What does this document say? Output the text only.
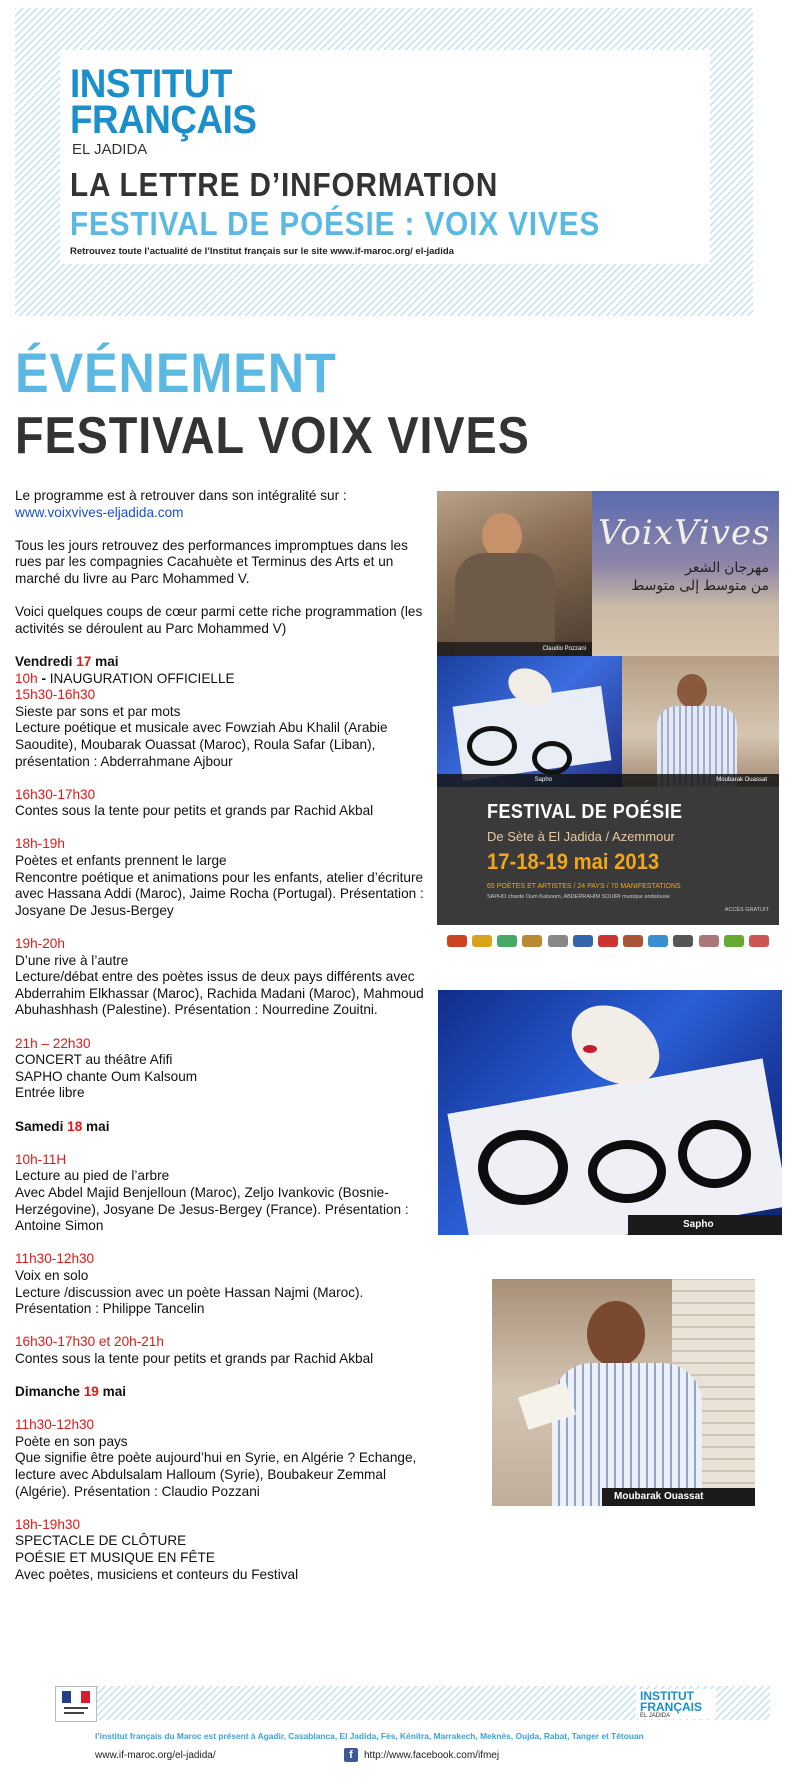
INSTITUT
FRANÇAIS
EL JADIDA
LA LETTRE D’INFORMATION
FESTIVAL DE POÉSIE : VOIX VIVES
Retrouvez toute l’actualité de l’Institut français sur le site www.if-maroc.org/ el-jadida
ÉVÉNEMENT
FESTIVAL VOIX VIVES

Le programme est à retrouver dans son intégralité sur :
www.voixvives-eljadida.com

Tous les jours retrouvez des performances impromptues dans les rues par les compagnies Cacahuète et Terminus des Arts et un marché du livre au Parc Mohammed V.

Voici quelques coups de cœur parmi cette riche programmation (les activités se déroulent au Parc Mohammed V)

Vendredi 17 mai
10h - INAUGURATION OFFICIELLE

15h30-16h30
Sieste par sons et par mots
Lecture poétique et musicale avec Fowziah Abu Khalil (Arabie Saoudite), Moubarak Ouassat (Maroc), Roula Safar (Liban), présentation : Abderrahmane Ajbour

16h30-17h30
Contes sous la tente pour petits et grands par Rachid Akbal

18h-19h
Poètes et enfants prennent le large
Rencontre poétique et animations pour les enfants, atelier d’écriture avec Hassana Addi (Maroc), Jaime Rocha (Portugal). Présentation : Josyane De Jesus-Bergey

19h-20h
D’une rive à l’autre
Lecture/débat entre des poètes issus de deux pays différents avec Abderrahim Elkhassar (Maroc), Rachida Madani (Maroc), Mahmoud Abuhashhash (Palestine). Présentation : Nourredine Zouitni.

21h – 22h30
CONCERT au théâtre Afifi
SAPHO chante Oum Kalsoum
Entrée libre

Samedi 18 mai

10h-11H
Lecture au pied de l’arbre
Avec Abdel Majid Benjelloun (Maroc), Zeljo Ivankovic (Bosnie-Herzégovine), Josyane De Jesus-Bergey (France). Présentation : Antoine Simon

11h30-12h30
Voix en solo
Lecture /discussion avec un poète Hassan Najmi (Maroc). Présentation : Philippe Tancelin

16h30-17h30 et 20h-21h
Contes sous la tente pour petits et grands par Rachid Akbal

Dimanche 19 mai

11h30-12h30
Poète en son pays
Que signifie être poète aujourd’hui en Syrie, en Algérie ? Echange, lecture avec Abdulsalam Halloum (Syrie), Boubakeur Zemmal (Algérie). Présentation : Claudio Pozzani

18h-19h30
SPECTACLE DE CLÔTURE
POÉSIE ET MUSIQUE EN FÊTE
Avec poètes, musiciens et conteurs du Festival

Claudio Pozzani
VoixVives
مهرجان الشعر
من متوسط إلى متوسط
Sapho	Moubarak Ouassat
FESTIVAL DE POÉSIE
De Sète à El Jadida / Azemmour
17-18-19 mai 2013
65 POÈTES ET ARTISTES / 24 PAYS / 70 MANIFESTATIONS
SAPHO chante Oum Kalsoum, ABDERRAHIM SOUIRI musique andalouse
ACCÈS GRATUIT
Sapho
Moubarak Ouassat
INSTITUT
FRANÇAIS
EL JADIDA
l’institut français du Maroc est présent à Agadir, Casablanca, El Jadida, Fès, Kénitra, Marrakech, Meknès, Oujda, Rabat, Tanger et Tétouan
www.if-maroc.org/el-jadida/	f	http://www.facebook.com/ifmej
